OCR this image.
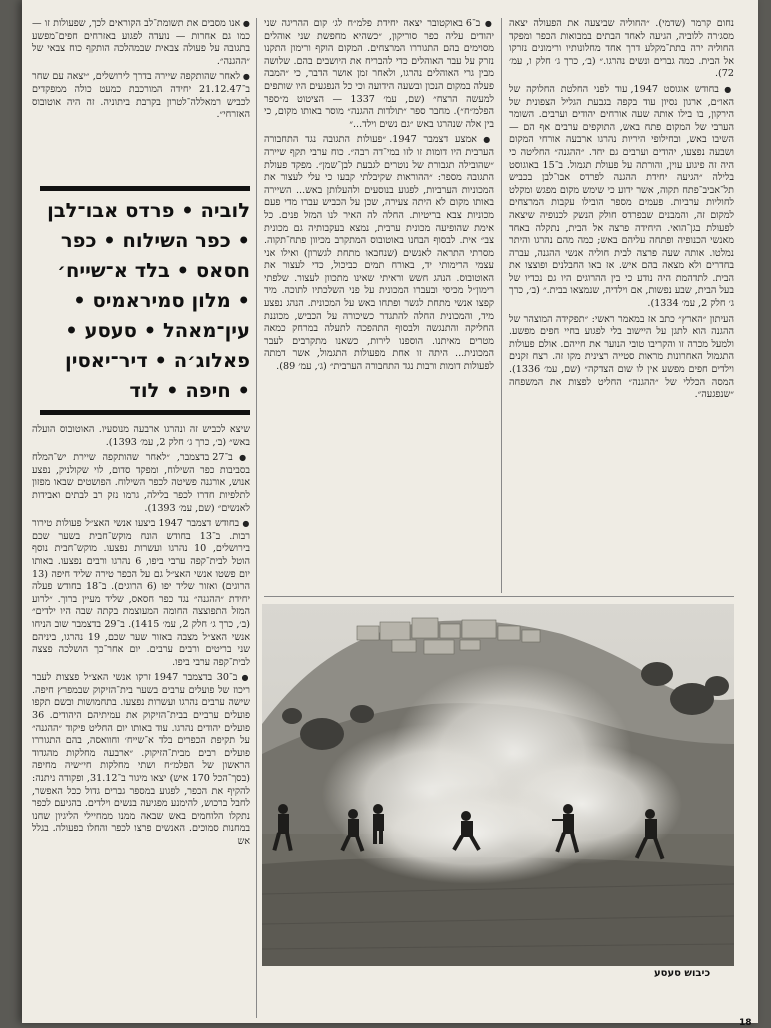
נחום קרמר (שדמי). ״החוליה שביצעה את הפעולה יצאה מסג׳רה ללוביה, הגיעה לאחד הבתים במבואות הכפר ומפקד החוליה ירה בתת־מקלע דרך אחד מחלונותיו ורימונים נזרקו אל הבית. כמה גברים ונשים נהרגו.״ (ב׳, כרך ג׳ חלק ו, עמ׳ 72).

● בחודש אוגוסט 1947, עוד לפני החלטת החלוקה של האו״ם, ארגון נסיון עוד בקפה בגבעת הגליל הצפונית של הירקון, בו בילו אותה שעה אורחים יהודים וערבים. השומר הערבי של המקום פתח באש, התוקפים ערבים אף הם — השיבו באש, ובחילופי היריות נהרגו ארבעה אורחי המקום ושבעה נפצעו, יהודים וערבים גם יחד. ״ההגנה״ החליטה כי היה זה פיגוע עוין, והורתה על פעולת תגמול. ב־15 באוגוסט בלילה ״הגיעה יחידת ההגנה לפרדס אבו־לבן בכביש תל־אביב־פתח תקוה, אשר ידוע כי שימש מקום מפגש ומקלט לחוליות ערביות. פעמים מספר הובילו עקבות המרצחים למקום זה, והמבנים שבפרדס חולק הנשק לכנופיה שיצאה לפעולת בגן־הואי. היחידה פרצה אל הבית, נתקלה באחד מאנשי הכנופיה ופתחה עליהם באש; כמה מהם נהרגו והיתר נמלטו. אותה שעה פרצה לבית חוליה אנשי ההגנה, עברה בחדרים ולא מצאה בהם איש. אז באו החבלנים ופוצצו את הבית. לתדהמת היה נודע כי בין ההרוגים היו גם נכדיו של בעל הבית, שבע נפשות, אם וילדיה, שנמצאו בבית.״ (ב׳, כרך ג׳ חלק 2, עמ׳ 1334).

העיתון ״הארץ״ כתב אז במאמר ראשי: ״תפקידה המוצהר של ההגנה הוא לתגן על היישוב בלי לפגוע בחיי חפים מפשע. ולמעל מכרה זו והקריבו טובי הנוער את חייהם. אולם פעולות התגמול האחרונות מראות סטייה רצינית מקו זה. רצח זקנים וילדים חפים מפשע אין לו שום הצדקה״ (שם, עמ׳ 1336). המסה הכללי של ״ההגנה״ החליט לפצות את המשפחה ״שנפגעה״.

● ב־6 באוקטובר יצאה יחידת פלמ״ח לג׳ קום ההריגה שני יהודים עליה כפר סוריקון, ״כשהיא מחפשת שני אוהלים מסוימים בהם התגוררו המרצחים. המקום הוקף ורימון התקנו נזרק על עבר האוהלים כדי להבריח את היושבים בהם. שלושה מבין גרי האוהלים נהרגו, ולאחר זמן אושר הדבר, כי ״המבה פעלה במקום הנכון ובשעה הידועה וכי כל הנפגעים היו שותפים למעשה הרצח״ (שם, עמ׳ 1337 — הציטוט מ״ספר הפלמ״ח״). מחבר ספר ״תולדות ההגנה״ מוסר באותו מקום, כי בין אלה שנהרגו באש ״גם נשים וילד...״

● אמצע דצמבר 1947. ״פעולות התגובה נגד התחבורה הערבית היו דומות זו לזו במי־דה רבה״. כוח ערבי תקף שיירה ״שהובילה תגבורת של נוטרים לגבעת לבן־שמן״. מפקד פעולת התגובה מספר: ״ההוראות שקיבלתי קבעו כי עלי לעצור את המכוניות הערביות, לפגוע בנוסעים ולהעלותן באש... השיירה באותו מקום לא היתה צעירה, שכן על הכביש עברו מדי פעם מכוניות צבא בריטיות. החלה לה האיר לנו המזל פנים. כל אימת שהופיעה מכונית ערבית, נמצא בעקבותיה גם מכונית צב״ אית. לבסוף הבחנו באוטובוס המתקרב מכיוון פתח־תקוה. מסרתי התראה לאנשים (שנחבאו מתחת לגשרון) ואילו אני עצמי הרימותי יד, באורח תמים כביכול, כדי לעצור את האוטובוס. הנהג חשש וראיתי שאינו מתכוון לעצור. שלפתי רימון״ל מכיסי ובעברו המכונית על פני השלכתיו לתוכה. מיד קפצו אנשי מתחת לגשר ופתחו באש על המכונית. הנהג נפצע מיד, והמכונית החלה להתגדר כשיכורה על הכביש, מכוננת החליקה והתנגשה ולבסוף התהפכה לתעלה במרחק כמאה מטרים מאיתנו. הוספנו לירות, כשאנו מתקרבים לעבר המכונית... היתה זו אחת מפעולות התגמול, אשר דמתה לפעולות דומות ורבות נגד התחבורה הערבית״ (ג׳, עמ׳ 89).

● אנו מסבים את תשומת־לב הקוראים לכך, שפעולות זו — כמו גם אחרות — נועדה לפגוע באזרחים חפים־מפשע בתגובה על פעולה צבאית שבמהלכה הותקף כוח צבאי של ״ההגנה״.

● לאחר שהותקפה שיירה בדרך לירושלים, ״יצאה עם שחר ב־21.12.47 יחידה המורכבת כמעט כולה ממפקדים לכביש רמאללה־לטרון בקרבת ביתוניה. זה היה אוטובוס האזרחי״.

לוביה • פרדס אבו־לבן
• כפר השילוח • כפר
חסאס • בלד א־שייח׳
• מלון סמיראמיס •
עין־מאהל • סעסע •
פאלוג׳ה • דיר־יאסין
• חיפה • לוד

שיצא לכביש זה ונהרגו ארבעה מנוסעיו. האוטובוס הועלה באש״ (ב׳, כרך ג׳ חלק 2, עמ׳ 1393).

● ב־27 בדצמבר, ״לאחר שהותקפה שיירת יש־המלח בסביבות כפר השילוח, ומפקד סדום, לוי שקולניק, נפצע אנוש, אורגנה פשיטה לכפר השילוח. הפושטים שבאו מפזון לתלפיות חדרו לכפר בלילה, גרמו נזק רב לבתים ואבידות לאנשים״ (שם, עמ׳ 1393).

● בחודש דצמבר 1947 ביצעו אנשי האצ״ל פעולות טירור רבות. ב־13 בחודש הונח מוקש־חבית בשער שכם בירושלים, 10 נהרגו ועשרות נפצעו. מוקש־חבית נוסף הוטל לבית־קפה ערבי ביפו, 6 נהרגו ורבים נפצעו. באותו יום פשטו אנשי האצ״ל גם על הכפר טירה שליד חיפה (13 הרוגים) ואזור שליד יפו (6 הרוגים). ב־18 בחודש פעלה יחידת ״ההגנה״ נגד כפר חסאס, שליד מעיין ברוך. ״לרוע המזל התפוצצה החומה המעוצמת בקתה שבה היו ילדים״ (ב׳, כרך ג׳ חלק 2, עמ׳ 1415). ב־29 בדצמבר שוב הניחו אנשי האצ״ל מצבה באזור שער שכם, 19 נהרגו, ביניהם שני בריטים ורבים ערבים. יום אחר־כך הושלכה פצצה לבית־קפה ערבי ביפו.

● ב־30 בדצמבר 1947 זרקו אנשי האצ״ל פצצות לעבר ריכוז של פועלים ערבים בשער בית־הזיקוק שבמפרץ חיפה. שישה ערבים נהרגו ועשרות נפצעו. בתחמושות ובשם תקפו פועלים ערביים בבית־הזיקוק את עמיתיהם היהודים. 36 פועלים יהודים נהרגו. עוד באותו יום החליט פיקוד ״ההגנה״ על תקיפת הכפרים בלד א־שייח׳ וחוואסה, בהם התגוררו פועלים רבים מבית־הזיקוק. ״ארבעה מחלקות מהגדוד הראשון של הפלמ״ח ושתי מחלקות חי״שיה מחיפה (בסך־הכל 170 איש) יצאו מיגור ב־31.12, ופקודה ניתנה: להקיף את הכפר, לפגוע במספר גברים גדול ככל האפשר, לחבל ברכוש, להימנע מפגיעה בנשים וילדים. בהגיעם לכפר נתקלו הלוחמים באש שבאה ממנו ממחיילי הליגיון שחנו במחנות סמוכים. האנשים פרצו לכפר והחלו בפעולה. בגלל אש

כיבוש סעסע
18
